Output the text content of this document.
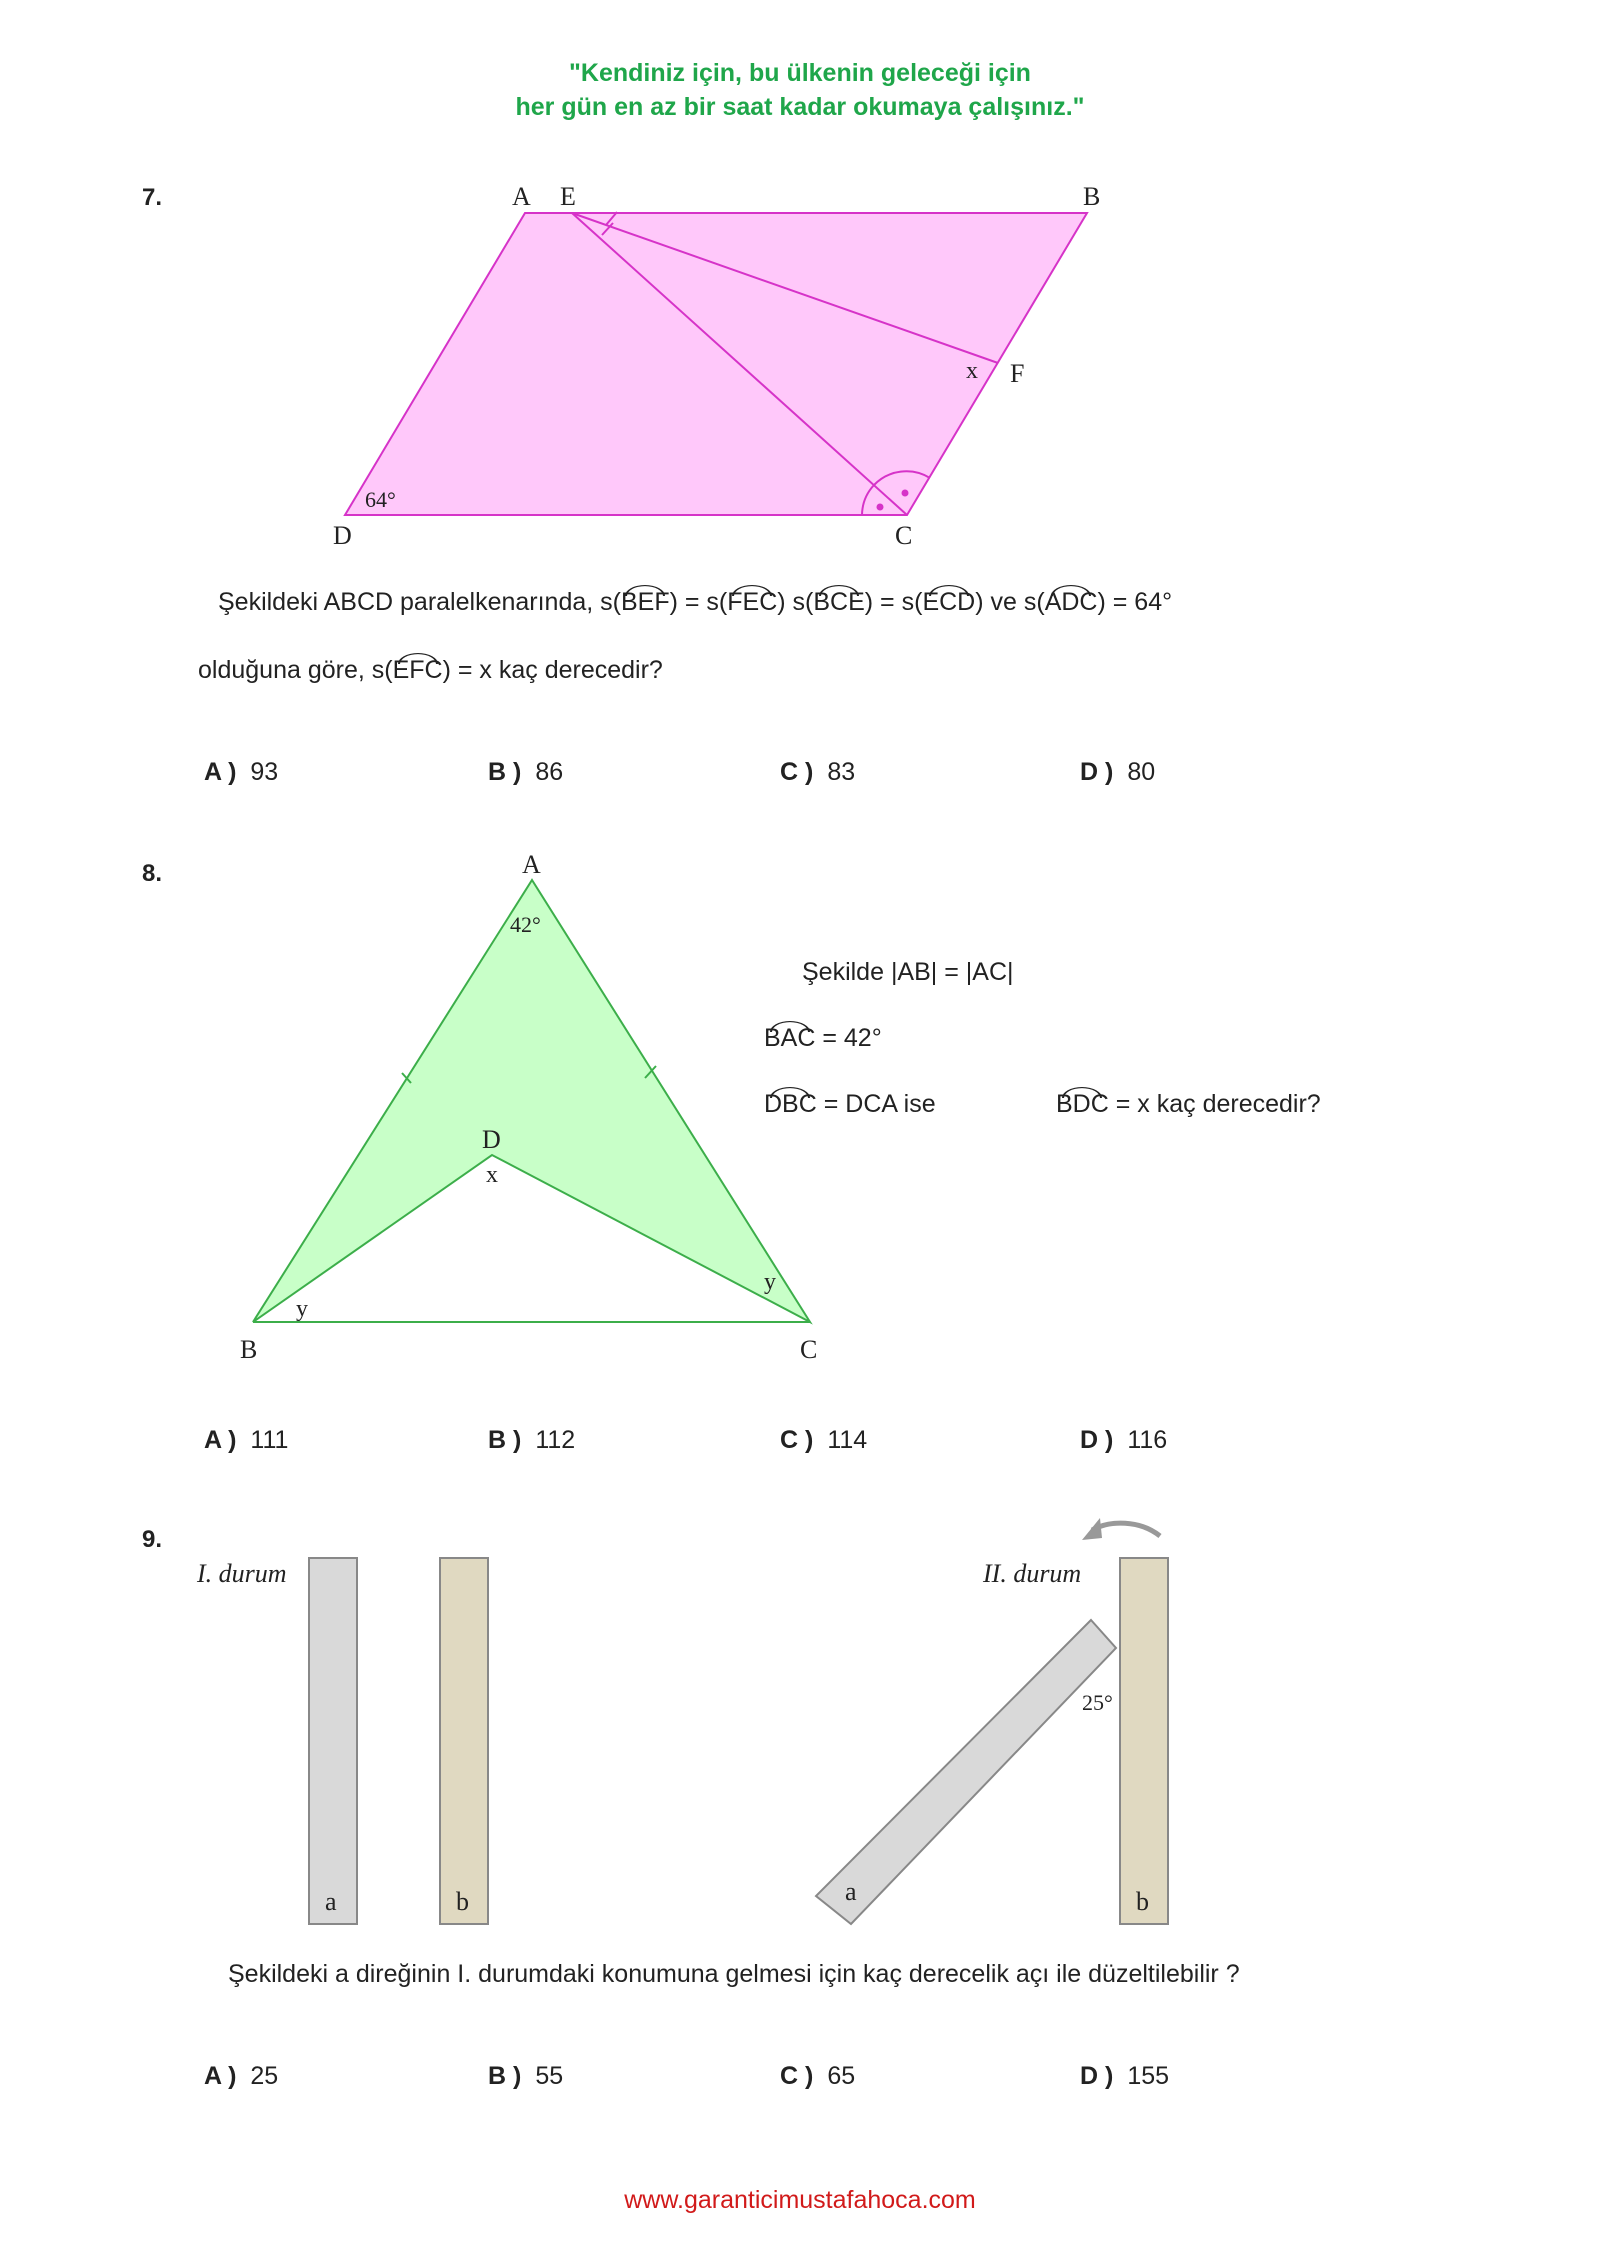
"Kendiniz için, bu ülkenin geleceği için
her gün en az bir saat kadar okumaya çalışınız."
7.	A E	B
F
x
D	C
64°
Şekildeki ABCD paralelkenarında, s(BEF) = s(FEC) s(BCE) = s(ECD) ve s(ADC) = 64°
olduğuna göre, s(EFC) = x kaç derecedir?
A ) 93	B ) 86	C ) 83	D ) 80
8.	A
42°
D
x
y
y
B	C
Şekilde |AB| = |AC|
BAC = 42°
DBC = DCA ise	BDC = x kaç derecedir?
A ) 111	B ) 112	C ) 114	D ) 116
9.
I. durum
a	b
II. durum
25°
a	b
Şekildeki a direğinin I. durumdaki konumuna gelmesi için kaç derecelik açı ile düzeltilebilir ?
A ) 25	B ) 55	C ) 65	D ) 155
www.garanticimustafahoca.com
